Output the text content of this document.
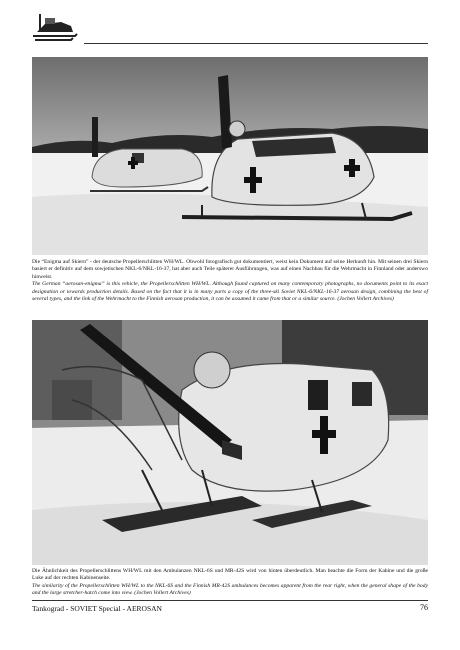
Die “Enigma auf Skiern” - der deutsche Propellerschlitten WH/WL. Obwohl fotografisch gut dokumentiert, weist kein Dokument auf seine Herkunft hin. Mit seinen drei Skiern basiert er definitiv auf dem sowjetischen NKL-6/NKL-16-37, hat aber auch Teile späterer Ausführungen, was auf einen Nachbau für die Wehrmacht in Finnland oder anderswo hinweist.
The German “aerosan-enigma” is this vehicle, the Propellerschlitten WH/WL. Although found captured on many contemporary photographs, no documents point to its exact designation or towards production details. Based on the fact that it is in many parts a copy of the three-ski Soviet NKL-6/NKL-16-37 aerosan design, combining the best of several types, and the link of the Wehrmacht to the Finnish aerosan production, it can be assumed it came from that or a similar source. (Jochen Vollert Archives)

Die Ähnlichkeit des Propellerschlittens WH/WL mit den Ambulanzen NKL-6S und MR-42S wird von hinten überdeutlich. Man beachte die Form der Kabine und die große Luke auf der rechten Kabinenseite.
The similarity of the Propellerschlitten WH/WL to the NKL-6S and the Finnish MR-42S ambulances becomes apparent from the rear right, when the general shape of the body and the large stretcher-hatch come into view. (Jochen Vollert Archives)

Tankograd - SOVIET Special - AEROSAN	76
